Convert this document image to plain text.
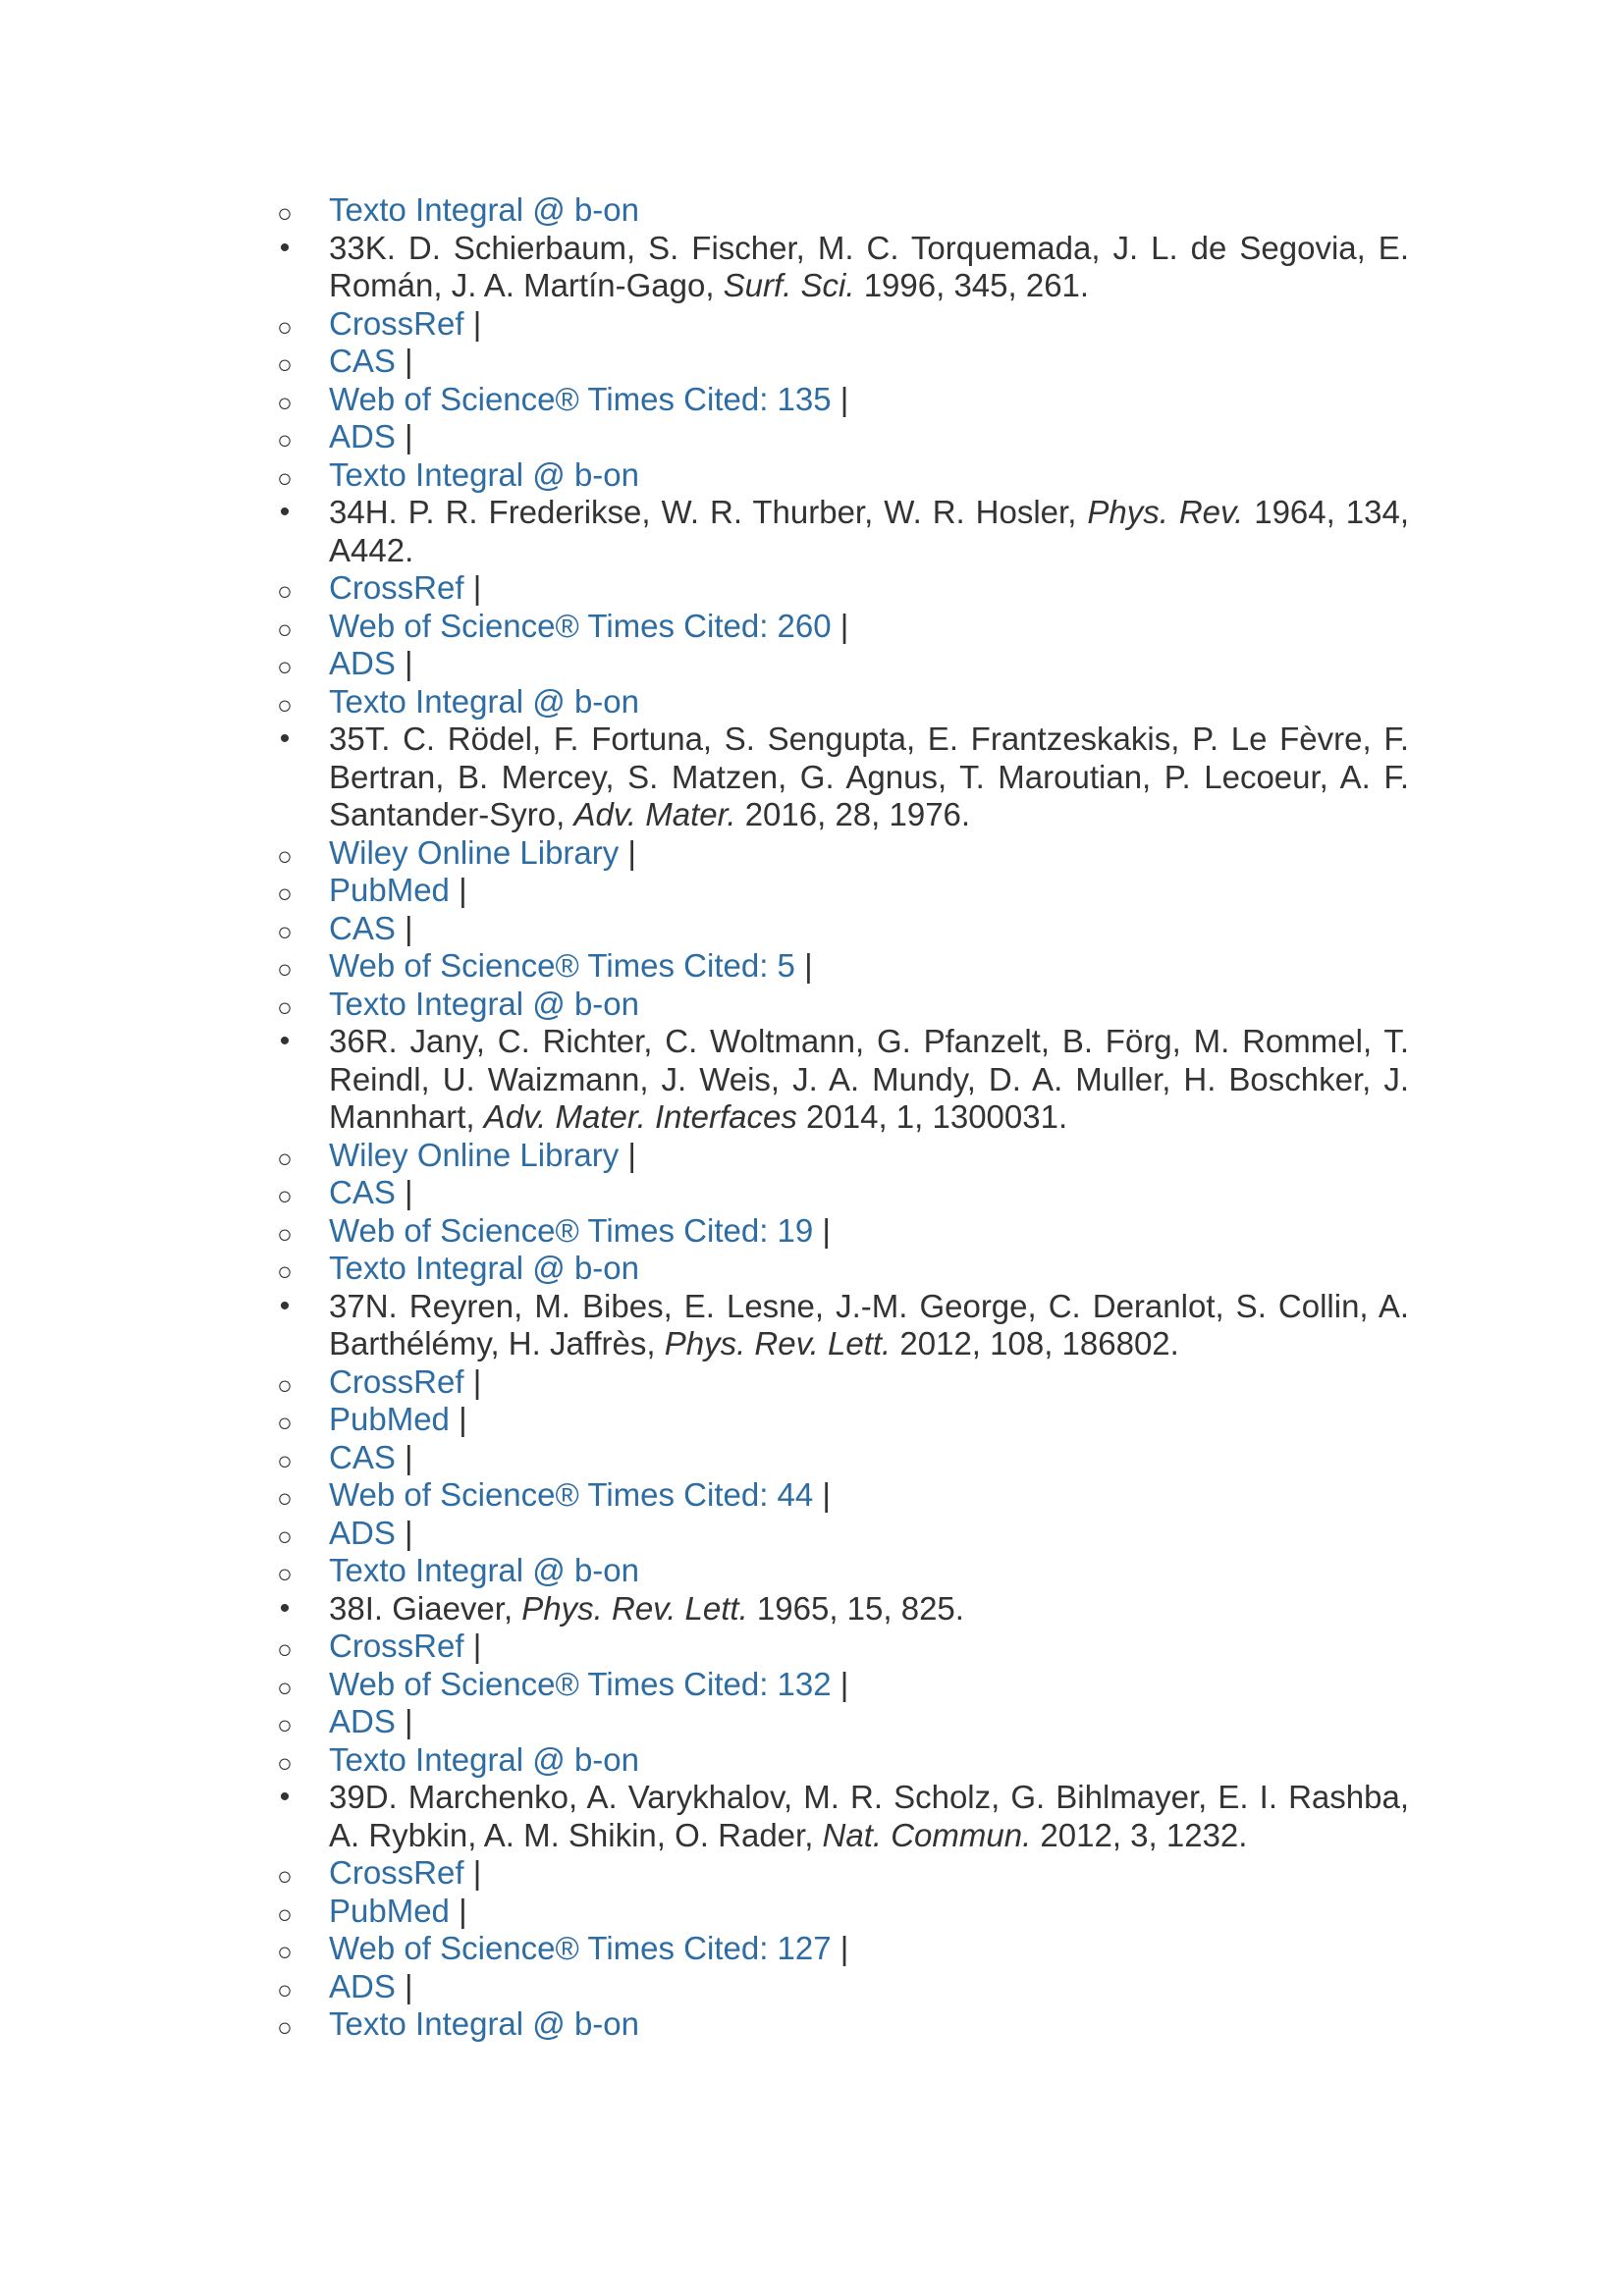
○	Texto Integral @ b-on
•	33K. D. Schierbaum, S. Fischer, M. C. Torquemada, J. L. de Segovia, E. Román, J. A. Martín-Gago, Surf. Sci. 1996, 345, 261.
○	CrossRef |
○	CAS |
○	Web of Science® Times Cited: 135 |
○	ADS |
○	Texto Integral @ b-on
•	34H. P. R. Frederikse, W. R. Thurber, W. R. Hosler, Phys. Rev. 1964, 134, A442.
○	CrossRef |
○	Web of Science® Times Cited: 260 |
○	ADS |
○	Texto Integral @ b-on
•	35T. C. Rödel, F. Fortuna, S. Sengupta, E. Frantzeskakis, P. Le Fèvre, F. Bertran, B. Mercey, S. Matzen, G. Agnus, T. Maroutian, P. Lecoeur, A. F. Santander-Syro, Adv. Mater. 2016, 28, 1976.
○	Wiley Online Library |
○	PubMed |
○	CAS |
○	Web of Science® Times Cited: 5 |
○	Texto Integral @ b-on
•	36R. Jany, C. Richter, C. Woltmann, G. Pfanzelt, B. Förg, M. Rommel, T. Reindl, U. Waizmann, J. Weis, J. A. Mundy, D. A. Muller, H. Boschker, J. Mannhart, Adv. Mater. Interfaces 2014, 1, 1300031.
○	Wiley Online Library |
○	CAS |
○	Web of Science® Times Cited: 19 |
○	Texto Integral @ b-on
•	37N. Reyren, M. Bibes, E. Lesne, J.-M. George, C. Deranlot, S. Collin, A. Barthélémy, H. Jaffrès, Phys. Rev. Lett. 2012, 108, 186802.
○	CrossRef |
○	PubMed |
○	CAS |
○	Web of Science® Times Cited: 44 |
○	ADS |
○	Texto Integral @ b-on
•	38I. Giaever, Phys. Rev. Lett. 1965, 15, 825.
○	CrossRef |
○	Web of Science® Times Cited: 132 |
○	ADS |
○	Texto Integral @ b-on
•	39D. Marchenko, A. Varykhalov, M. R. Scholz, G. Bihlmayer, E. I. Rashba, A. Rybkin, A. M. Shikin, O. Rader, Nat. Commun. 2012, 3, 1232.
○	CrossRef |
○	PubMed |
○	Web of Science® Times Cited: 127 |
○	ADS |
○	Texto Integral @ b-on
